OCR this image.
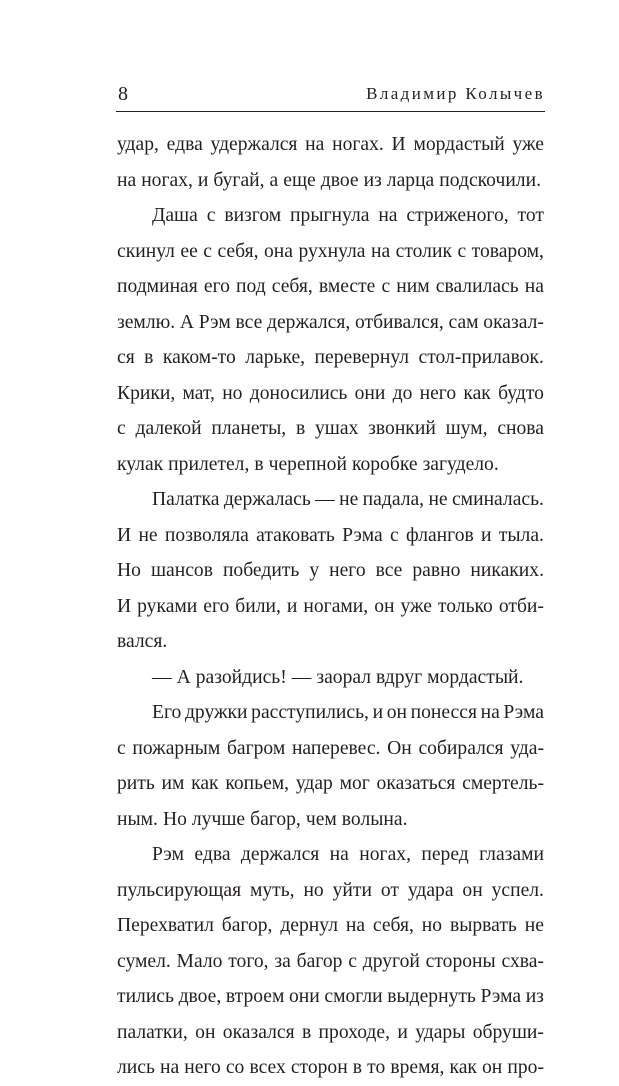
8	Владимир Колычев
удар, едва удержался на ногах. И мордастый уже
на ногах, и бугай, а еще двое из ларца подскочили.
Даша с визгом прыгнула на стриженого, тот
скинул ее с себя, она рухнула на столик с товаром,
подминая его под себя, вместе с ним свалилась на
землю. А Рэм все держался, отбивался, сам оказал-
ся в каком-то ларьке, перевернул стол-прилавок.
Крики, мат, но доносились они до него как будто
с далекой планеты, в ушах звонкий шум, снова
кулак прилетел, в черепной коробке загудело.
Палатка держалась — не падала, не сминалась.
И не позволяла атаковать Рэма с флангов и тыла.
Но шансов победить у него все равно никаких.
И руками его били, и ногами, он уже только отби-
вался.
— А разойдись! — заорал вдруг мордастый.
Его дружки расступились, и он понесся на Рэма
с пожарным багром наперевес. Он собирался уда-
рить им как копьем, удар мог оказаться смертель-
ным. Но лучше багор, чем волына.
Рэм едва держался на ногах, перед глазами
пульсирующая муть, но уйти от удара он успел.
Перехватил багор, дернул на себя, но вырвать не
сумел. Мало того, за багор с другой стороны схва-
тились двое, втроем они смогли выдернуть Рэма из
палатки, он оказался в проходе, и удары обруши-
лись на него со всех сторон в то время, как он про-
